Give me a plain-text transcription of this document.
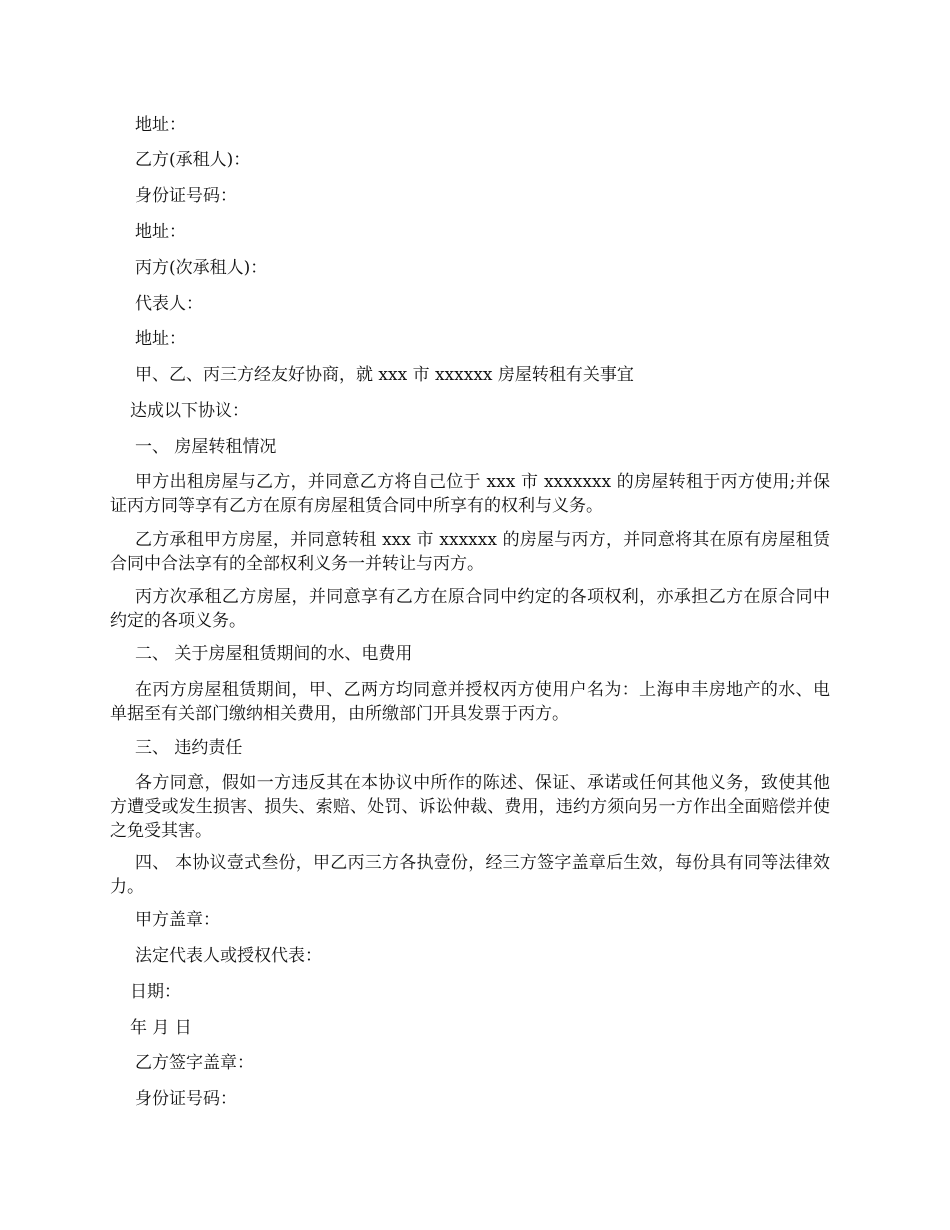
地址：
乙方(承租人)：
身份证号码：
地址：
丙方(次承租人)：
代表人：
地址：
甲、乙、丙三方经友好协商，就 xxx 市 xxxxxx 房屋转租有关事宜
达成以下协议：
一、 房屋转租情况
甲方出租房屋与乙方，并同意乙方将自己位于 xxx 市 xxxxxxx 的房屋转租于丙方使用;并保证丙方同等享有乙方在原有房屋租赁合同中所享有的权利与义务。
乙方承租甲方房屋，并同意转租 xxx 市 xxxxxx 的房屋与丙方，并同意将其在原有房屋租赁合同中合法享有的全部权利义务一并转让与丙方。
丙方次承租乙方房屋，并同意享有乙方在原合同中约定的各项权利，亦承担乙方在原合同中约定的各项义务。
二、 关于房屋租赁期间的水、电费用
在丙方房屋租赁期间，甲、乙两方均同意并授权丙方使用户名为：上海申丰房地产的水、电单据至有关部门缴纳相关费用，由所缴部门开具发票于丙方。
三、 违约责任
各方同意，假如一方违反其在本协议中所作的陈述、保证、承诺或任何其他义务，致使其他方遭受或发生损害、损失、索赔、处罚、诉讼仲裁、费用，违约方须向另一方作出全面赔偿并使之免受其害。
四、 本协议壹式叁份，甲乙丙三方各执壹份，经三方签字盖章后生效，每份具有同等法律效力。
甲方盖章：
法定代表人或授权代表：
日期：
年 月 日
乙方签字盖章：
身份证号码：
